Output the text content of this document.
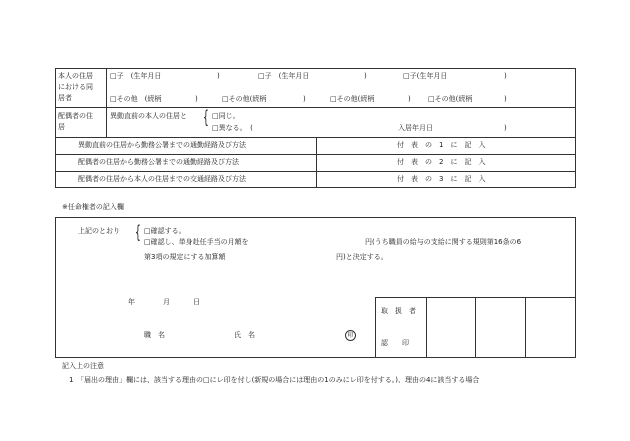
本人の住居
における同
居者
□子　(生年月日	)	□子　(生年月日	)	□子(生年月日	)
□その他　(続柄	)	□その他(続柄	)	□その他(続柄	) □その他(続柄	)
配偶者の住
居
異動直前の本人の住居と { □同じ。
□異なる。　(	入居年月日	)
異動直前の住居から勤務公署までの通勤経路及び方法	付　表　の　1　に　記　入
配偶者の住居から勤務公署までの通勤経路及び方法	付　表　の　2　に　記　入
配偶者の住居から本人の住居までの交通経路及び方法	付　表　の　3　に　記　入
※任命権者の記入欄
上記のとおり { □確認する。
□確認し、単身赴任手当の月額を	円(うち職員の給与の支給に関する規則第16条の6
第3項の規定にする加算額	円)と決定する。
年	月	日
職　名	氏　名	印
取　扱　者
認　　印
記入上の注意
1　「届出の理由」欄には、該当する理由の□にレ印を付し(新規の場合には理由の1のみにレ印を付する。)、理由の4に該当する場合
